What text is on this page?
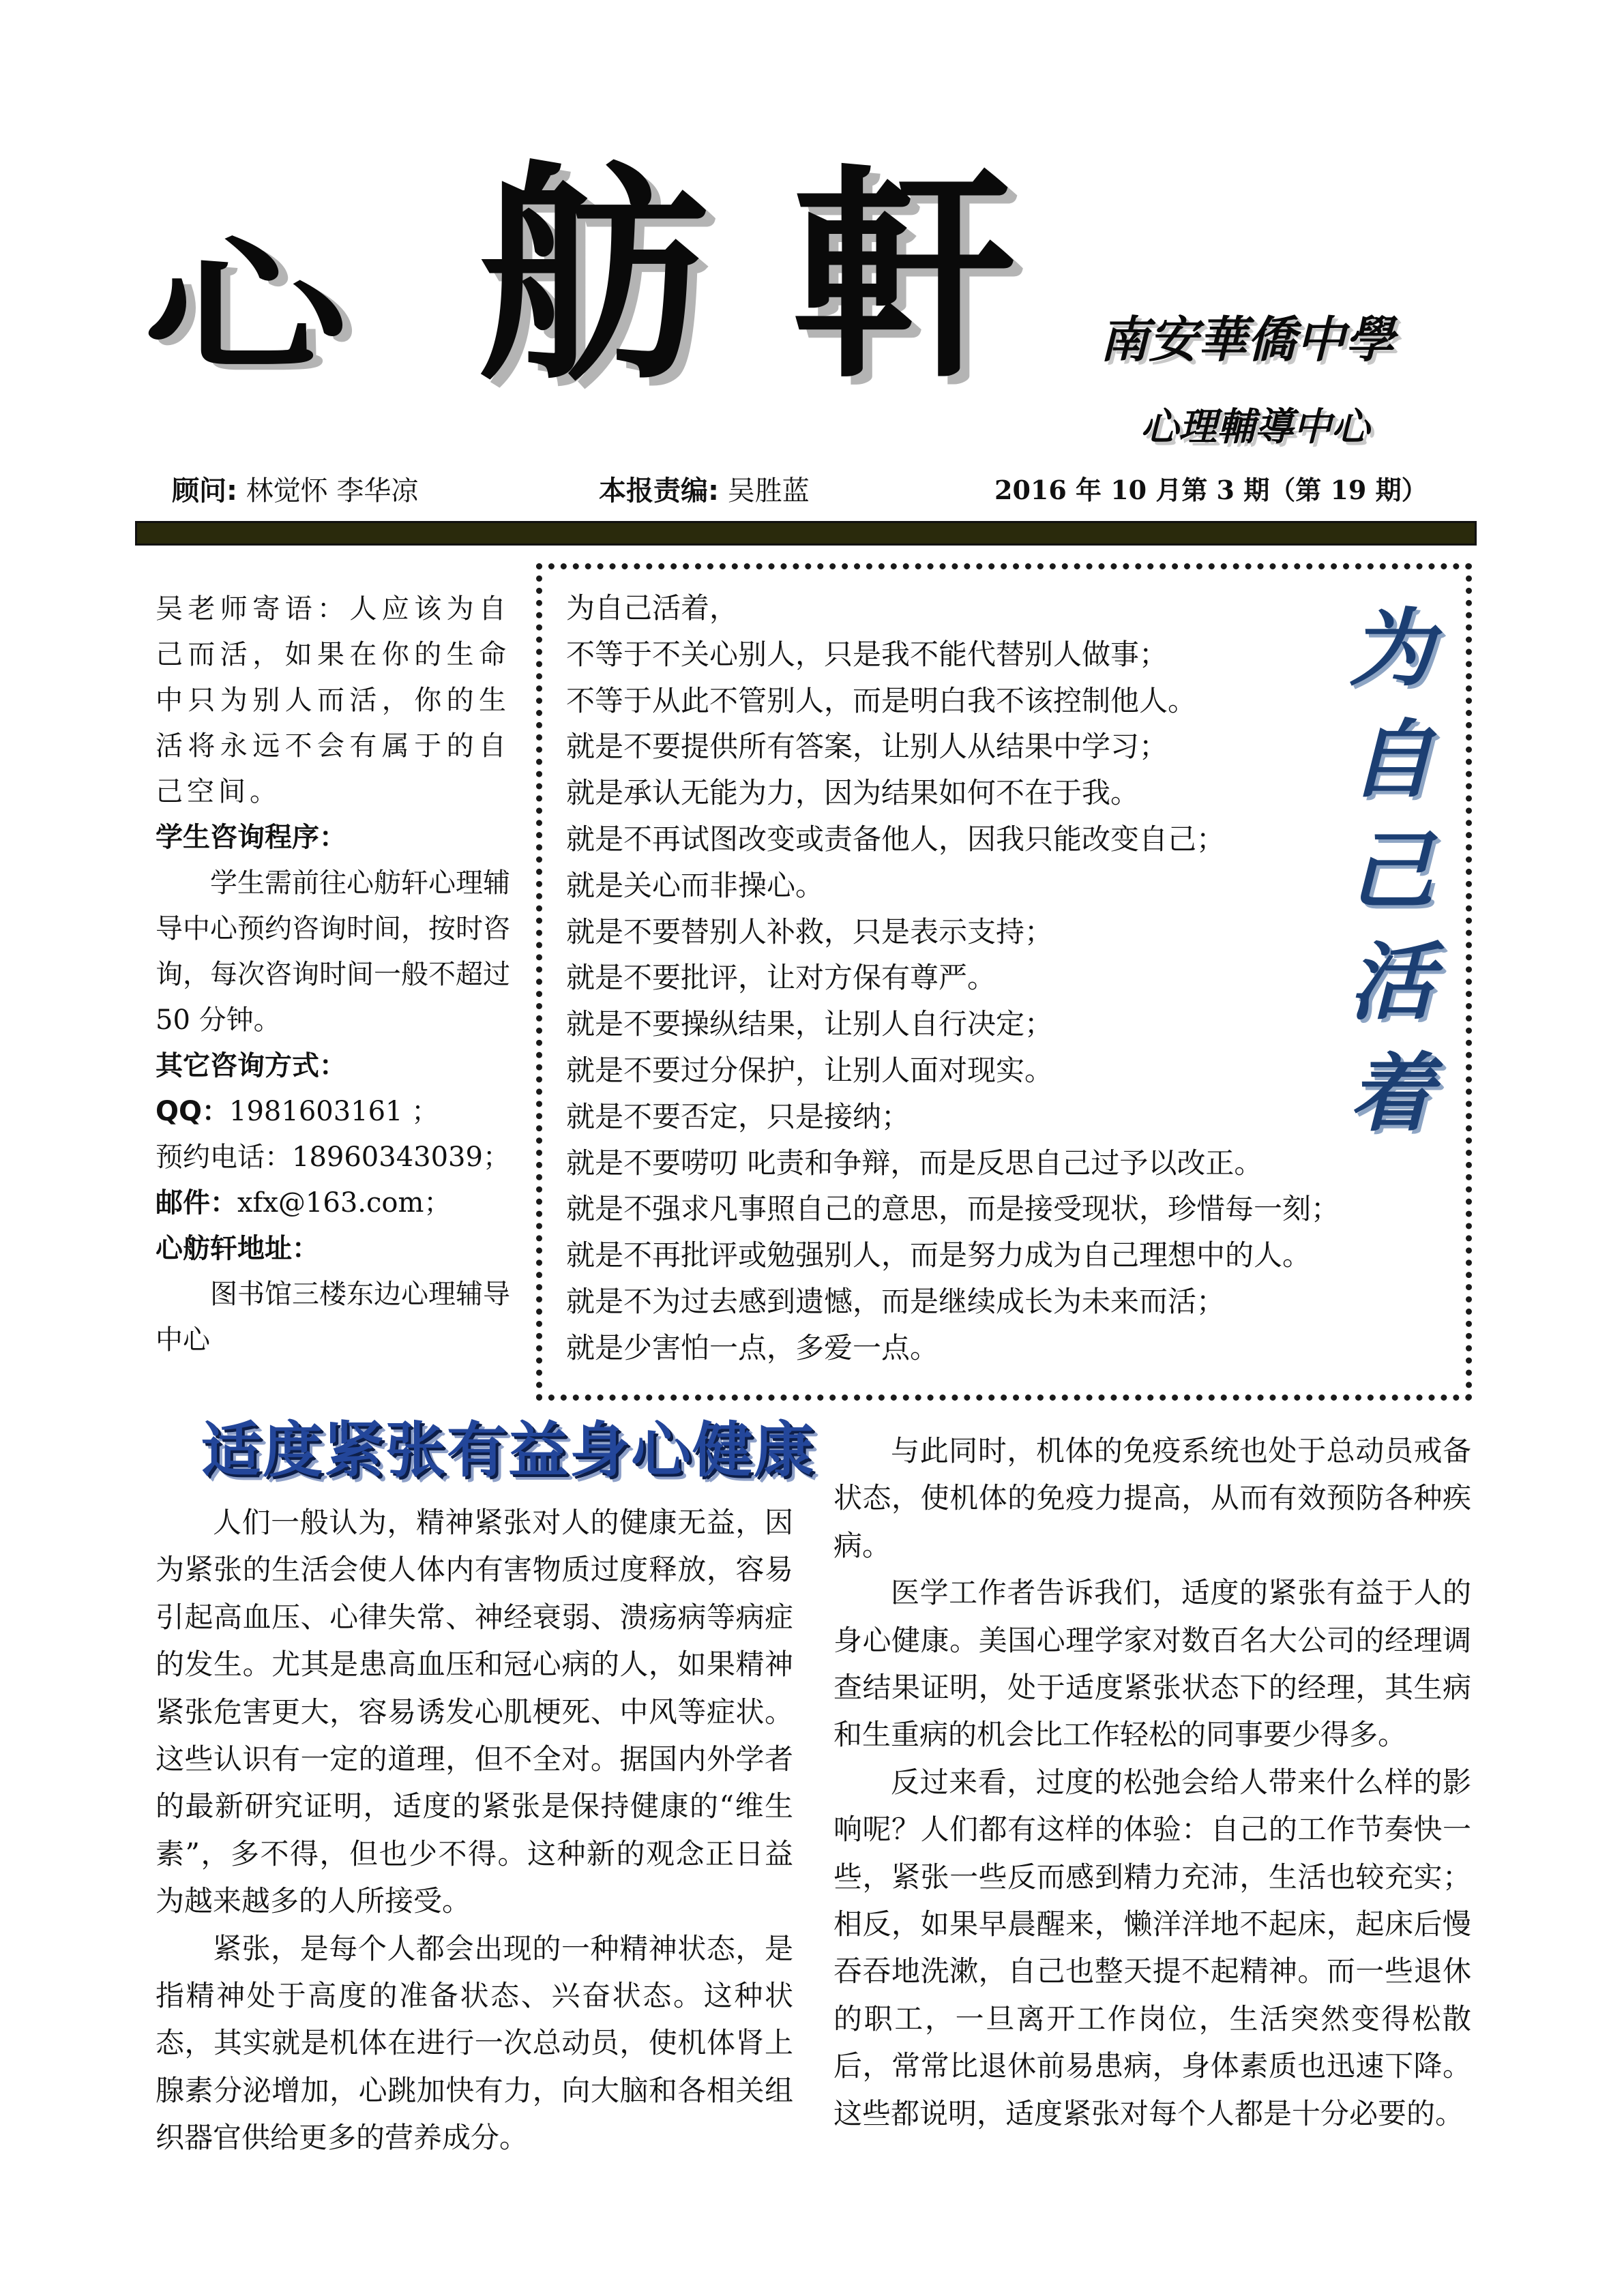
心 舫 軒 南安華僑中學
心理輔導中心
顾问: 林觉怀 李华凉	本报责编: 吴胜蓝	2016 年 10 月第 3 期（第 19 期）

吴老师寄语：人应该为自己而活，如果在你的生命中只为别人而活，你的生活将永远不会有属于的自己空间。

学生咨询程序：

学生需前往心舫轩心理辅导中心预约咨询时间，按时咨询，每次咨询时间一般不超过 50 分钟。

其它咨询方式：

QQ：1981603161 ；

预约电话：18960343039；

邮件：xfx@163.com；

心舫轩地址：

图书馆三楼东边心理辅导中心

为自己活着，
不等于不关心别人，只是我不能代替别人做事；
不等于从此不管别人，而是明白我不该控制他人。
就是不要提供所有答案，让别人从结果中学习；
就是承认无能为力，因为结果如何不在于我。
就是不再试图改变或责备他人，因我只能改变自己；
就是关心而非操心。
就是不要替别人补救，只是表示支持；
就是不要批评，让对方保有尊严。
就是不要操纵结果，让别人自行决定；
就是不要过分保护，让别人面对现实。
就是不要否定，只是接纳；
就是不要唠叨 叱责和争辩，而是反思自己过予以改正。
就是不强求凡事照自己的意思，而是接受现状，珍惜每一刻；
就是不再批评或勉强别人，而是努力成为自己理想中的人。
就是不为过去感到遗憾，而是继续成长为未来而活；
就是少害怕一点，多爱一点。
为
自
己
活
着
适度紧张有益身心健康

人们一般认为，精神紧张对人的健康无益，因为紧张的生活会使人体内有害物质过度释放，容易引起高血压、心律失常、神经衰弱、溃疡病等病症的发生。尤其是患高血压和冠心病的人，如果精神紧张危害更大，容易诱发心肌梗死、中风等症状。这些认识有一定的道理，但不全对。据国内外学者的最新研究证明，适度的紧张是保持健康的“维生素”，多不得，但也少不得。这种新的观念正日益为越来越多的人所接受。

紧张，是每个人都会出现的一种精神状态，是指精神处于高度的准备状态、兴奋状态。这种状态，其实就是机体在进行一次总动员，使机体肾上腺素分泌增加，心跳加快有力，向大脑和各相关组织器官供给更多的营养成分。

与此同时，机体的免疫系统也处于总动员戒备状态，使机体的免疫力提高，从而有效预防各种疾病。

医学工作者告诉我们，适度的紧张有益于人的身心健康。美国心理学家对数百名大公司的经理调查结果证明，处于适度紧张状态下的经理，其生病和生重病的机会比工作轻松的同事要少得多。

反过来看，过度的松弛会给人带来什么样的影响呢？人们都有这样的体验：自己的工作节奏快一些，紧张一些反而感到精力充沛，生活也较充实；相反，如果早晨醒来，懒洋洋地不起床，起床后慢吞吞地洗漱，自己也整天提不起精神。而一些退休的职工，一旦离开工作岗位，生活突然变得松散后，常常比退休前易患病，身体素质也迅速下降。这些都说明，适度紧张对每个人都是十分必要的。
